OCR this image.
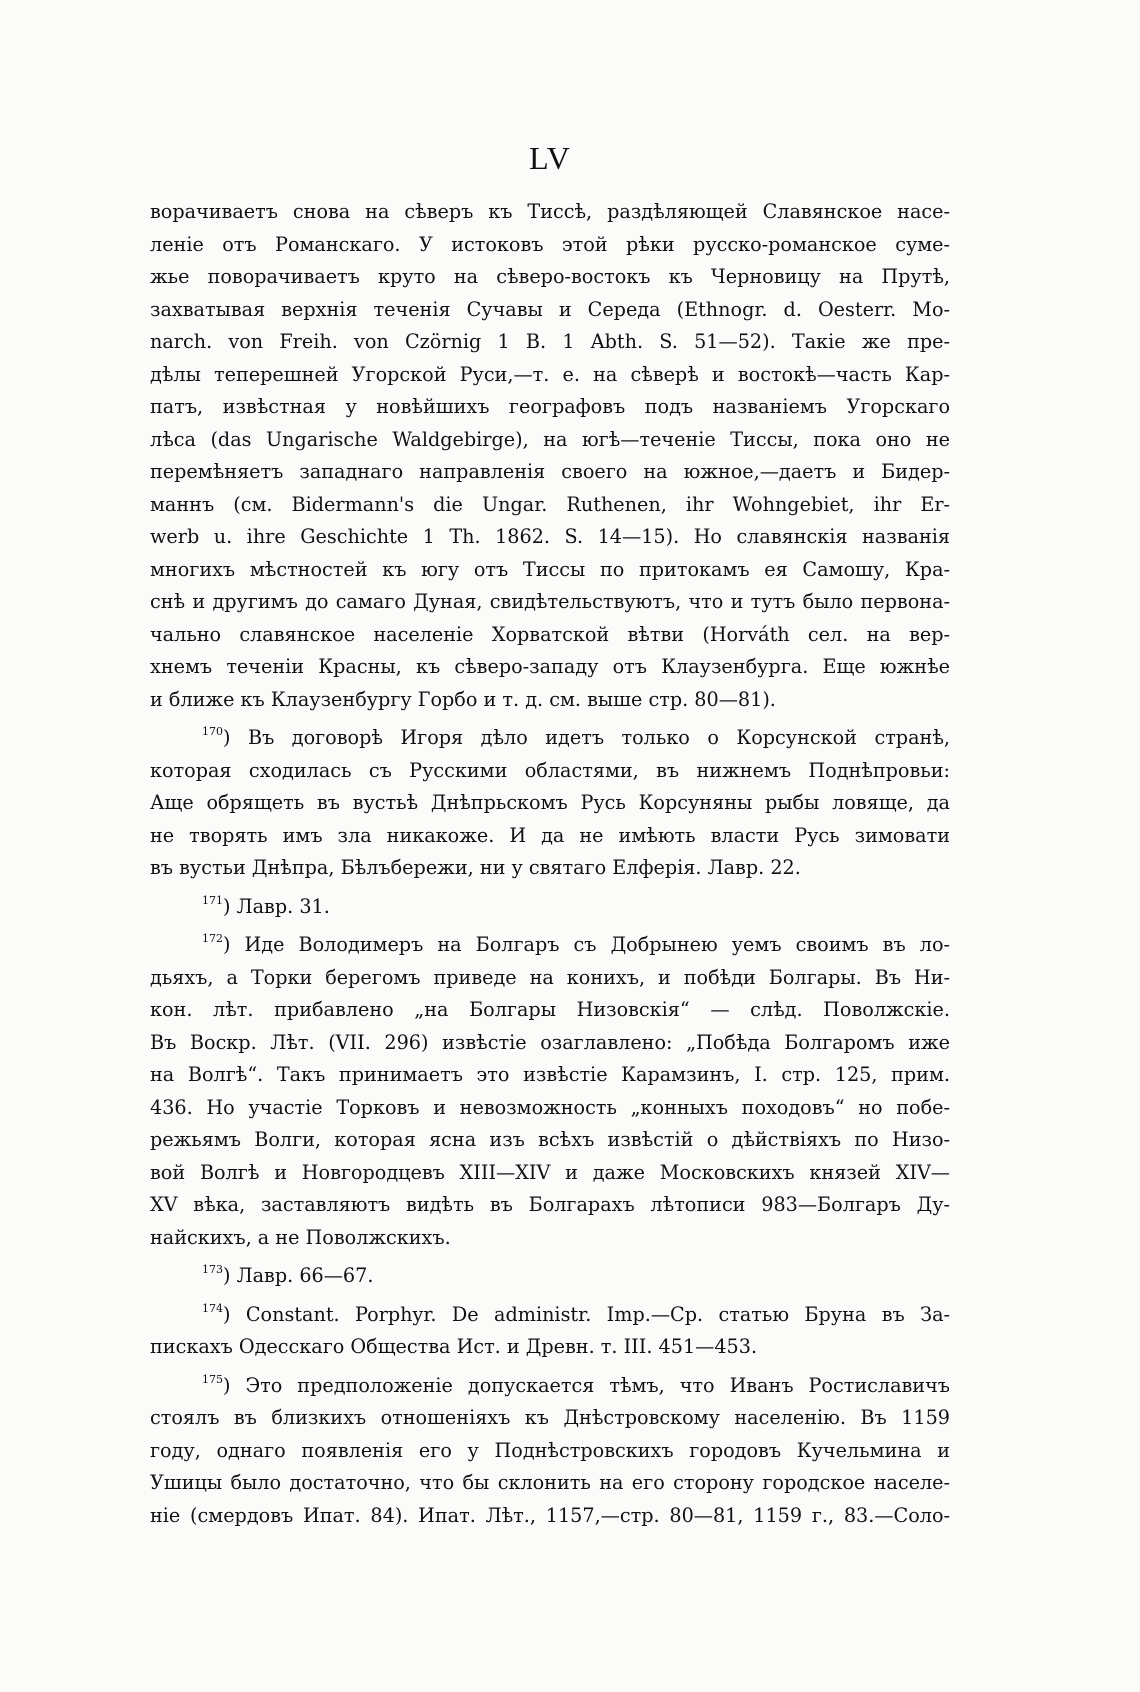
LV
ворачиваетъ снова на сѣверъ къ Тиссѣ, раздѣляющей Славянское насе-
леніе отъ Романскаго. У истоковъ этой рѣки русско-романское суме-
жье поворачиваетъ круто на сѣверо-востокъ къ Черновицу на Прутѣ,
захватывая верхнія теченія Сучавы и Середа (Ethnogr. d. Oesterr. Mo-
narch. von Freih. von Czörnig 1 B. 1 Abth. S. 51—52). Такіе же пре-
дѣлы теперешней Угорской Руси,—т. е. на сѣверѣ и востокѣ—часть Кар-
патъ, извѣстная у новѣйшихъ географовъ подъ названіемъ Угорскаго
лѣса (das Ungarische Waldgebirge), на югѣ—теченіе Тиссы, пока оно не
перемѣняетъ западнаго направленія своего на южное,—даетъ и Бидер-
маннъ (см. Bidermann's die Ungar. Ruthenen, ihr Wohngebiet, ihr Er-
werb u. ihre Geschichte 1 Th. 1862. S. 14—15). Но славянскія названія
многихъ мѣстностей къ югу отъ Тиссы по притокамъ ея Самошу, Кра-
снѣ и другимъ до самаго Дуная, свидѣтельствуютъ, что и тутъ было первона-
чально славянское населеніе Хорватской вѣтви (Horváth сел. на вер-
хнемъ теченіи Красны, къ сѣверо-западу отъ Клаузенбурга. Еще южнѣе
и ближе къ Клаузенбургу Горбо и т. д. см. выше стр. 80—81).
$^{170}$) Въ договорѣ Игоря дѣло идетъ только о Корсунской странѣ,
которая сходилась съ Русскими областями, въ нижнемъ Поднѣпровьи:
Аще обрящеть въ вустьѣ Днѣпрьскомъ Русь Корсуняны рыбы ловяще, да
не творять имъ зла никакоже. И да не имѣють власти Русь зимовати
въ вустьи Днѣпра, Бѣлъбережи, ни у святаго Елферія. Лавр. 22.
$^{171}$) Лавр. 31.
$^{172}$) Иде Володимеръ на Болгаръ съ Добрынею уемъ своимъ въ ло-
дьяхъ, а Торки берегомъ приведе на конихъ, и побѣди Болгары. Въ Ни-
кон. лѣт. прибавлено „на Болгары Низовскія“ — слѣд. Поволжскіе.
Въ Воскр. Лѣт. (VII. 296) извѣстіе озаглавлено: „Побѣда Болгаромъ иже
на Волгѣ“. Такъ принимаетъ это извѣстіе Карамзинъ, I. стр. 125, прим.
436. Но участіе Торковъ и невозможность „конныхъ походовъ“ но побе-
режьямъ Волги, которая ясна изъ всѣхъ извѣстій о дѣйствіяхъ по Низо-
вой Волгѣ и Новгородцевъ XIII—XIV и даже Московскихъ князей XIV—
XV вѣка, заставляютъ видѣть въ Болгарахъ лѣтописи 983—Болгаръ Ду-
найскихъ, а не Поволжскихъ.
$^{173}$) Лавр. 66—67.
$^{174}$) Constant. Porphyr. De administr. Imp.—Ср. статью Бруна въ За-
пискахъ Одесскаго Общества Ист. и Древн. т. III. 451—453.
$^{175}$) Это предположеніе допускается тѣмъ, что Иванъ Ростиславичъ
стоялъ въ близкихъ отношеніяхъ къ Днѣстровскому населенію. Въ 1159
году, однаго появленія его у Поднѣстровскихъ городовъ Кучельмина и
Ушицы было достаточно, что бы склонить на его сторону городское населе-
ніе (смердовъ Ипат. 84). Ипат. Лѣт., 1157,—стр. 80—81, 1159 г., 83.—Соло-
